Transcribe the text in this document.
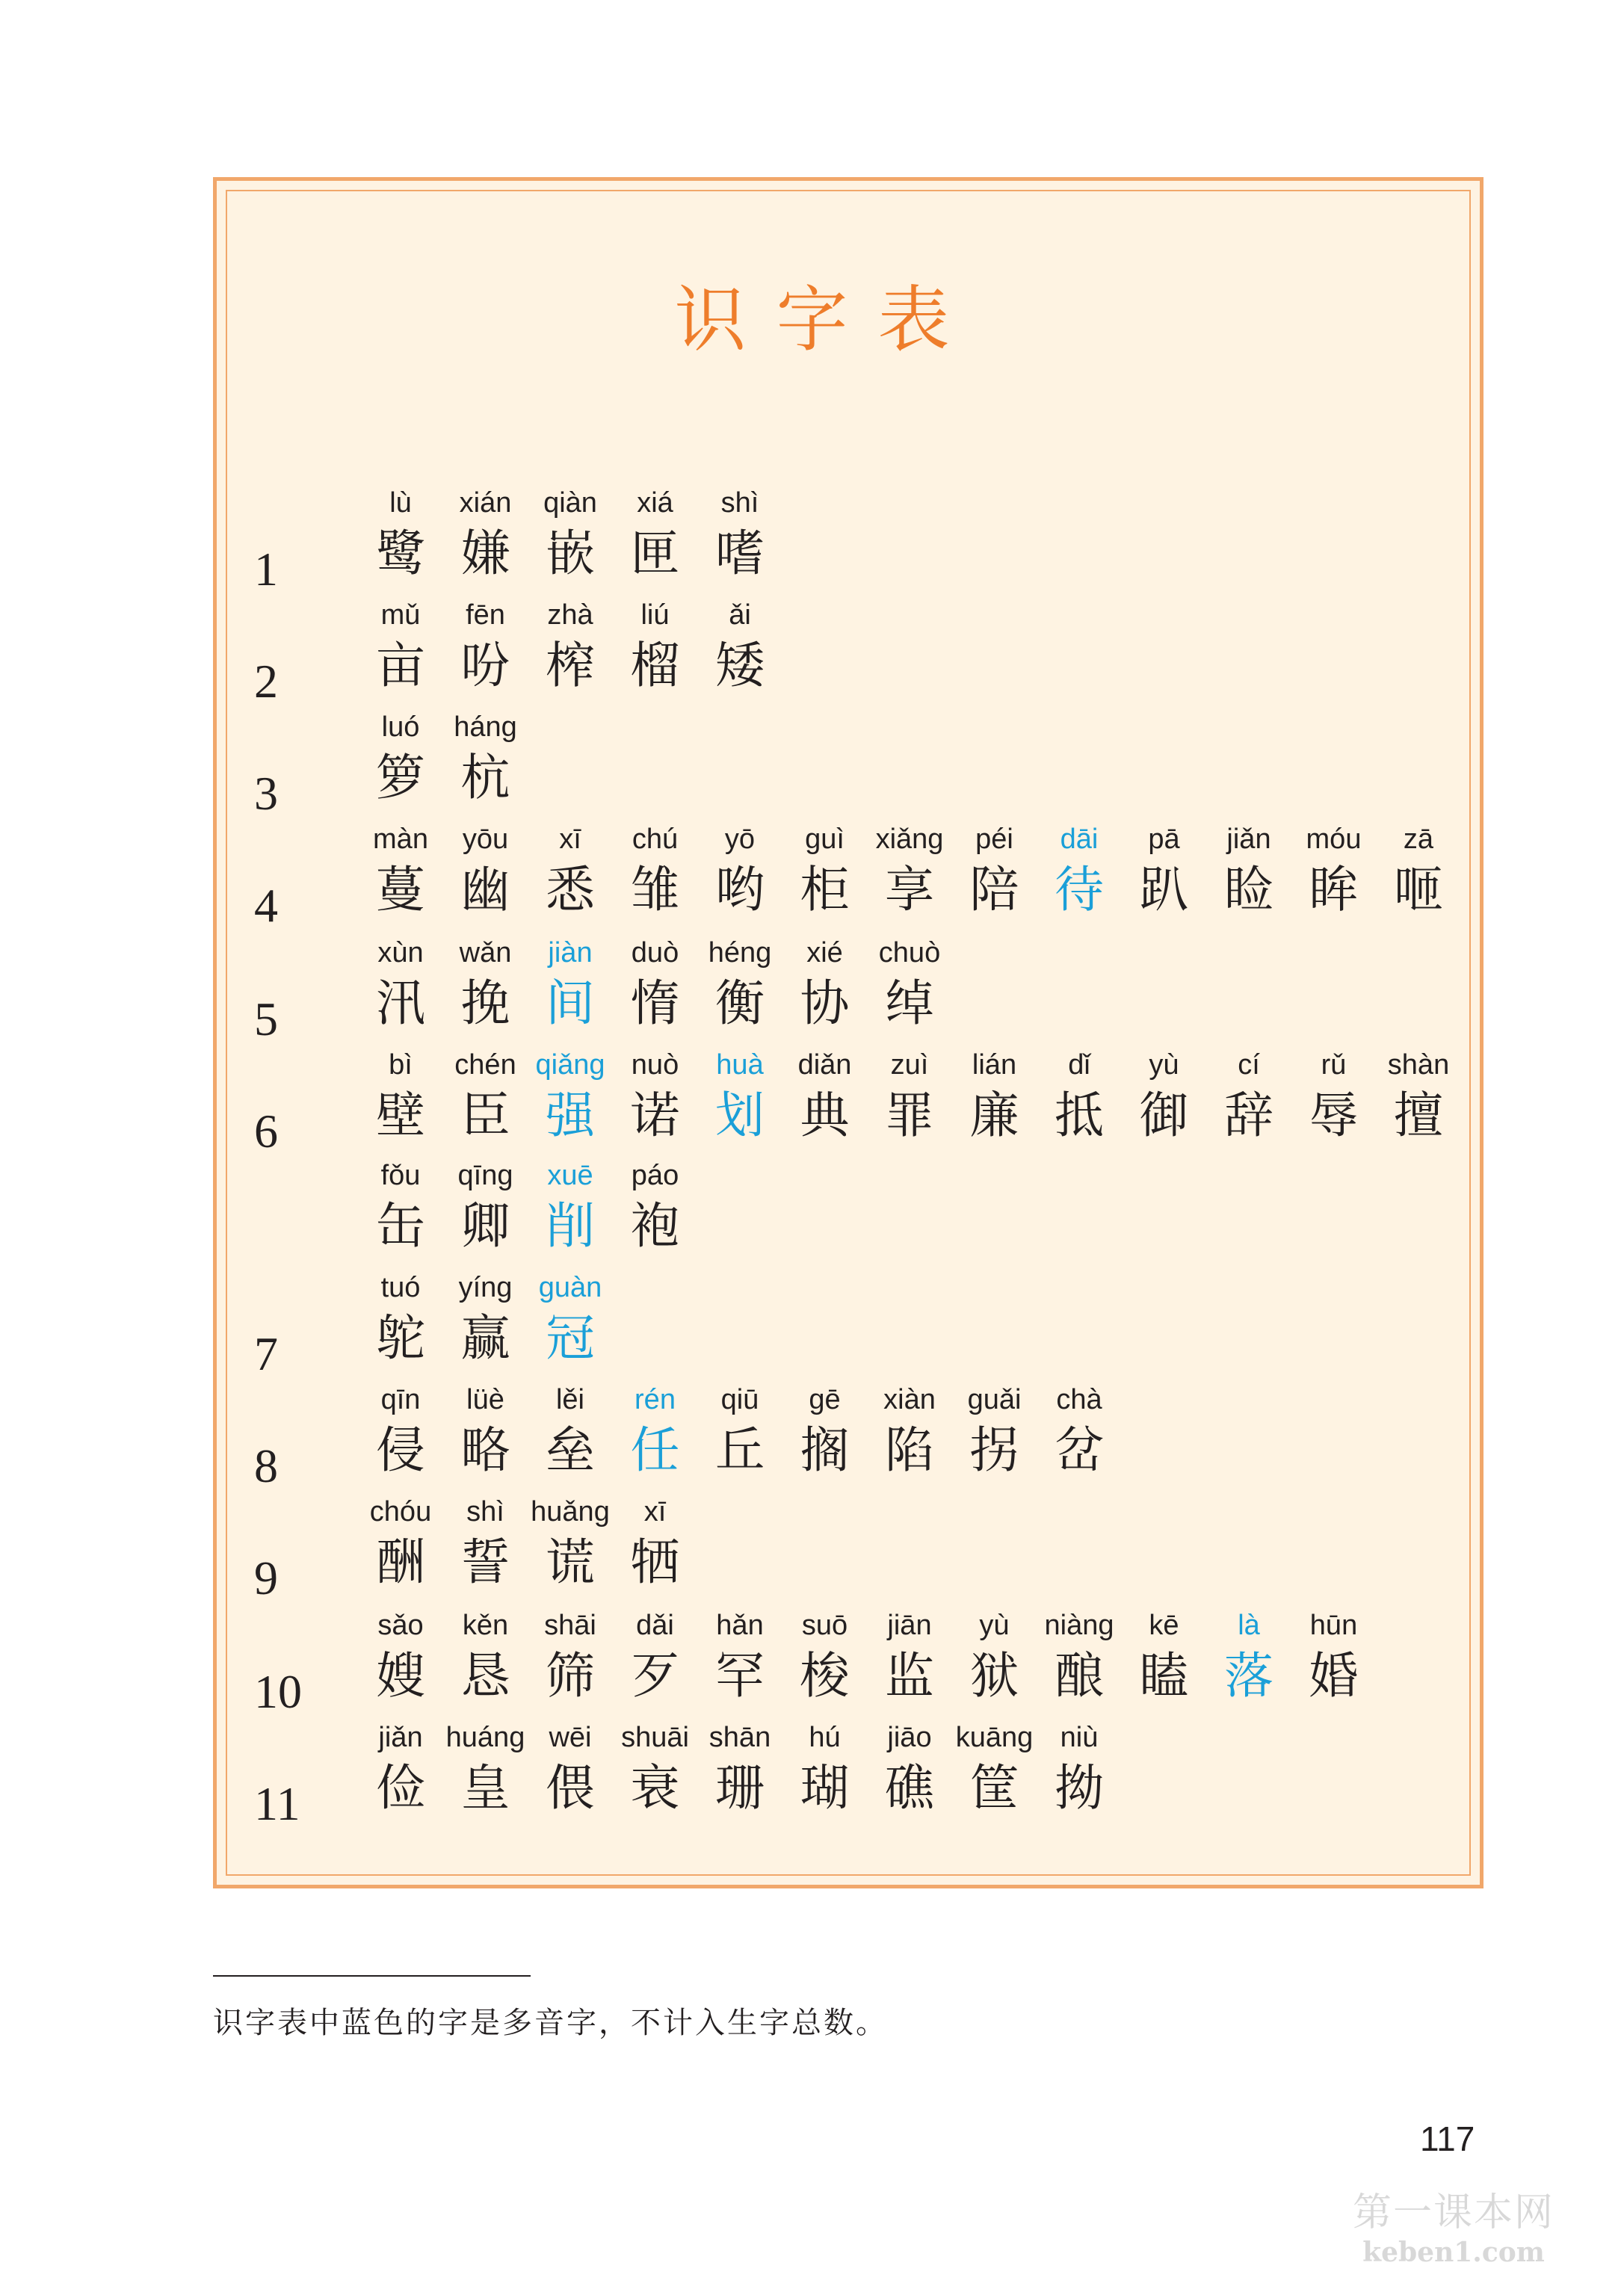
识字表
1
lù
鹭
xián
嫌
qiàn
嵌
xiá
匣
shì
嗜
2
mǔ
亩
fēn
吩
zhà
榨
liú
榴
ǎi
矮
3
luó
箩
háng
杭
4
màn
蔓
yōu
幽
xī
悉
chú
雏
yō
哟
guì
柜
xiǎng
享
péi
陪
dāi
待
pā
趴
jiǎn
睑
móu
眸
zā
咂
5
xùn
汛
wǎn
挽
jiàn
间
duò
惰
héng
衡
xié
协
chuò
绰
6
bì
壁
chén
臣
qiǎng
强
nuò
诺
huà
划
diǎn
典
zuì
罪
lián
廉
dǐ
抵
yù
御
cí
辞
rǔ
辱
shàn
擅
fǒu
缶
qīng
卿
xuē
削
páo
袍
7
tuó
鸵
yíng
赢
guàn
冠
8
qīn
侵
lüè
略
lěi
垒
rén
任
qiū
丘
gē
搁
xiàn
陷
guǎi
拐
chà
岔
9
chóu
酬
shì
誓
huǎng
谎
xī
牺
10
sǎo
嫂
kěn
恳
shāi
筛
dǎi
歹
hǎn
罕
suō
梭
jiān
监
yù
狱
niàng
酿
kē
瞌
là
落
hūn
婚
11
jiǎn
俭
huáng
皇
wēi
偎
shuāi
衰
shān
珊
hú
瑚
jiāo
礁
kuāng
筐
niù
拗
识字表中蓝色的字是多音字，不计入生字总数。
117
第一课本网
keben1.com
